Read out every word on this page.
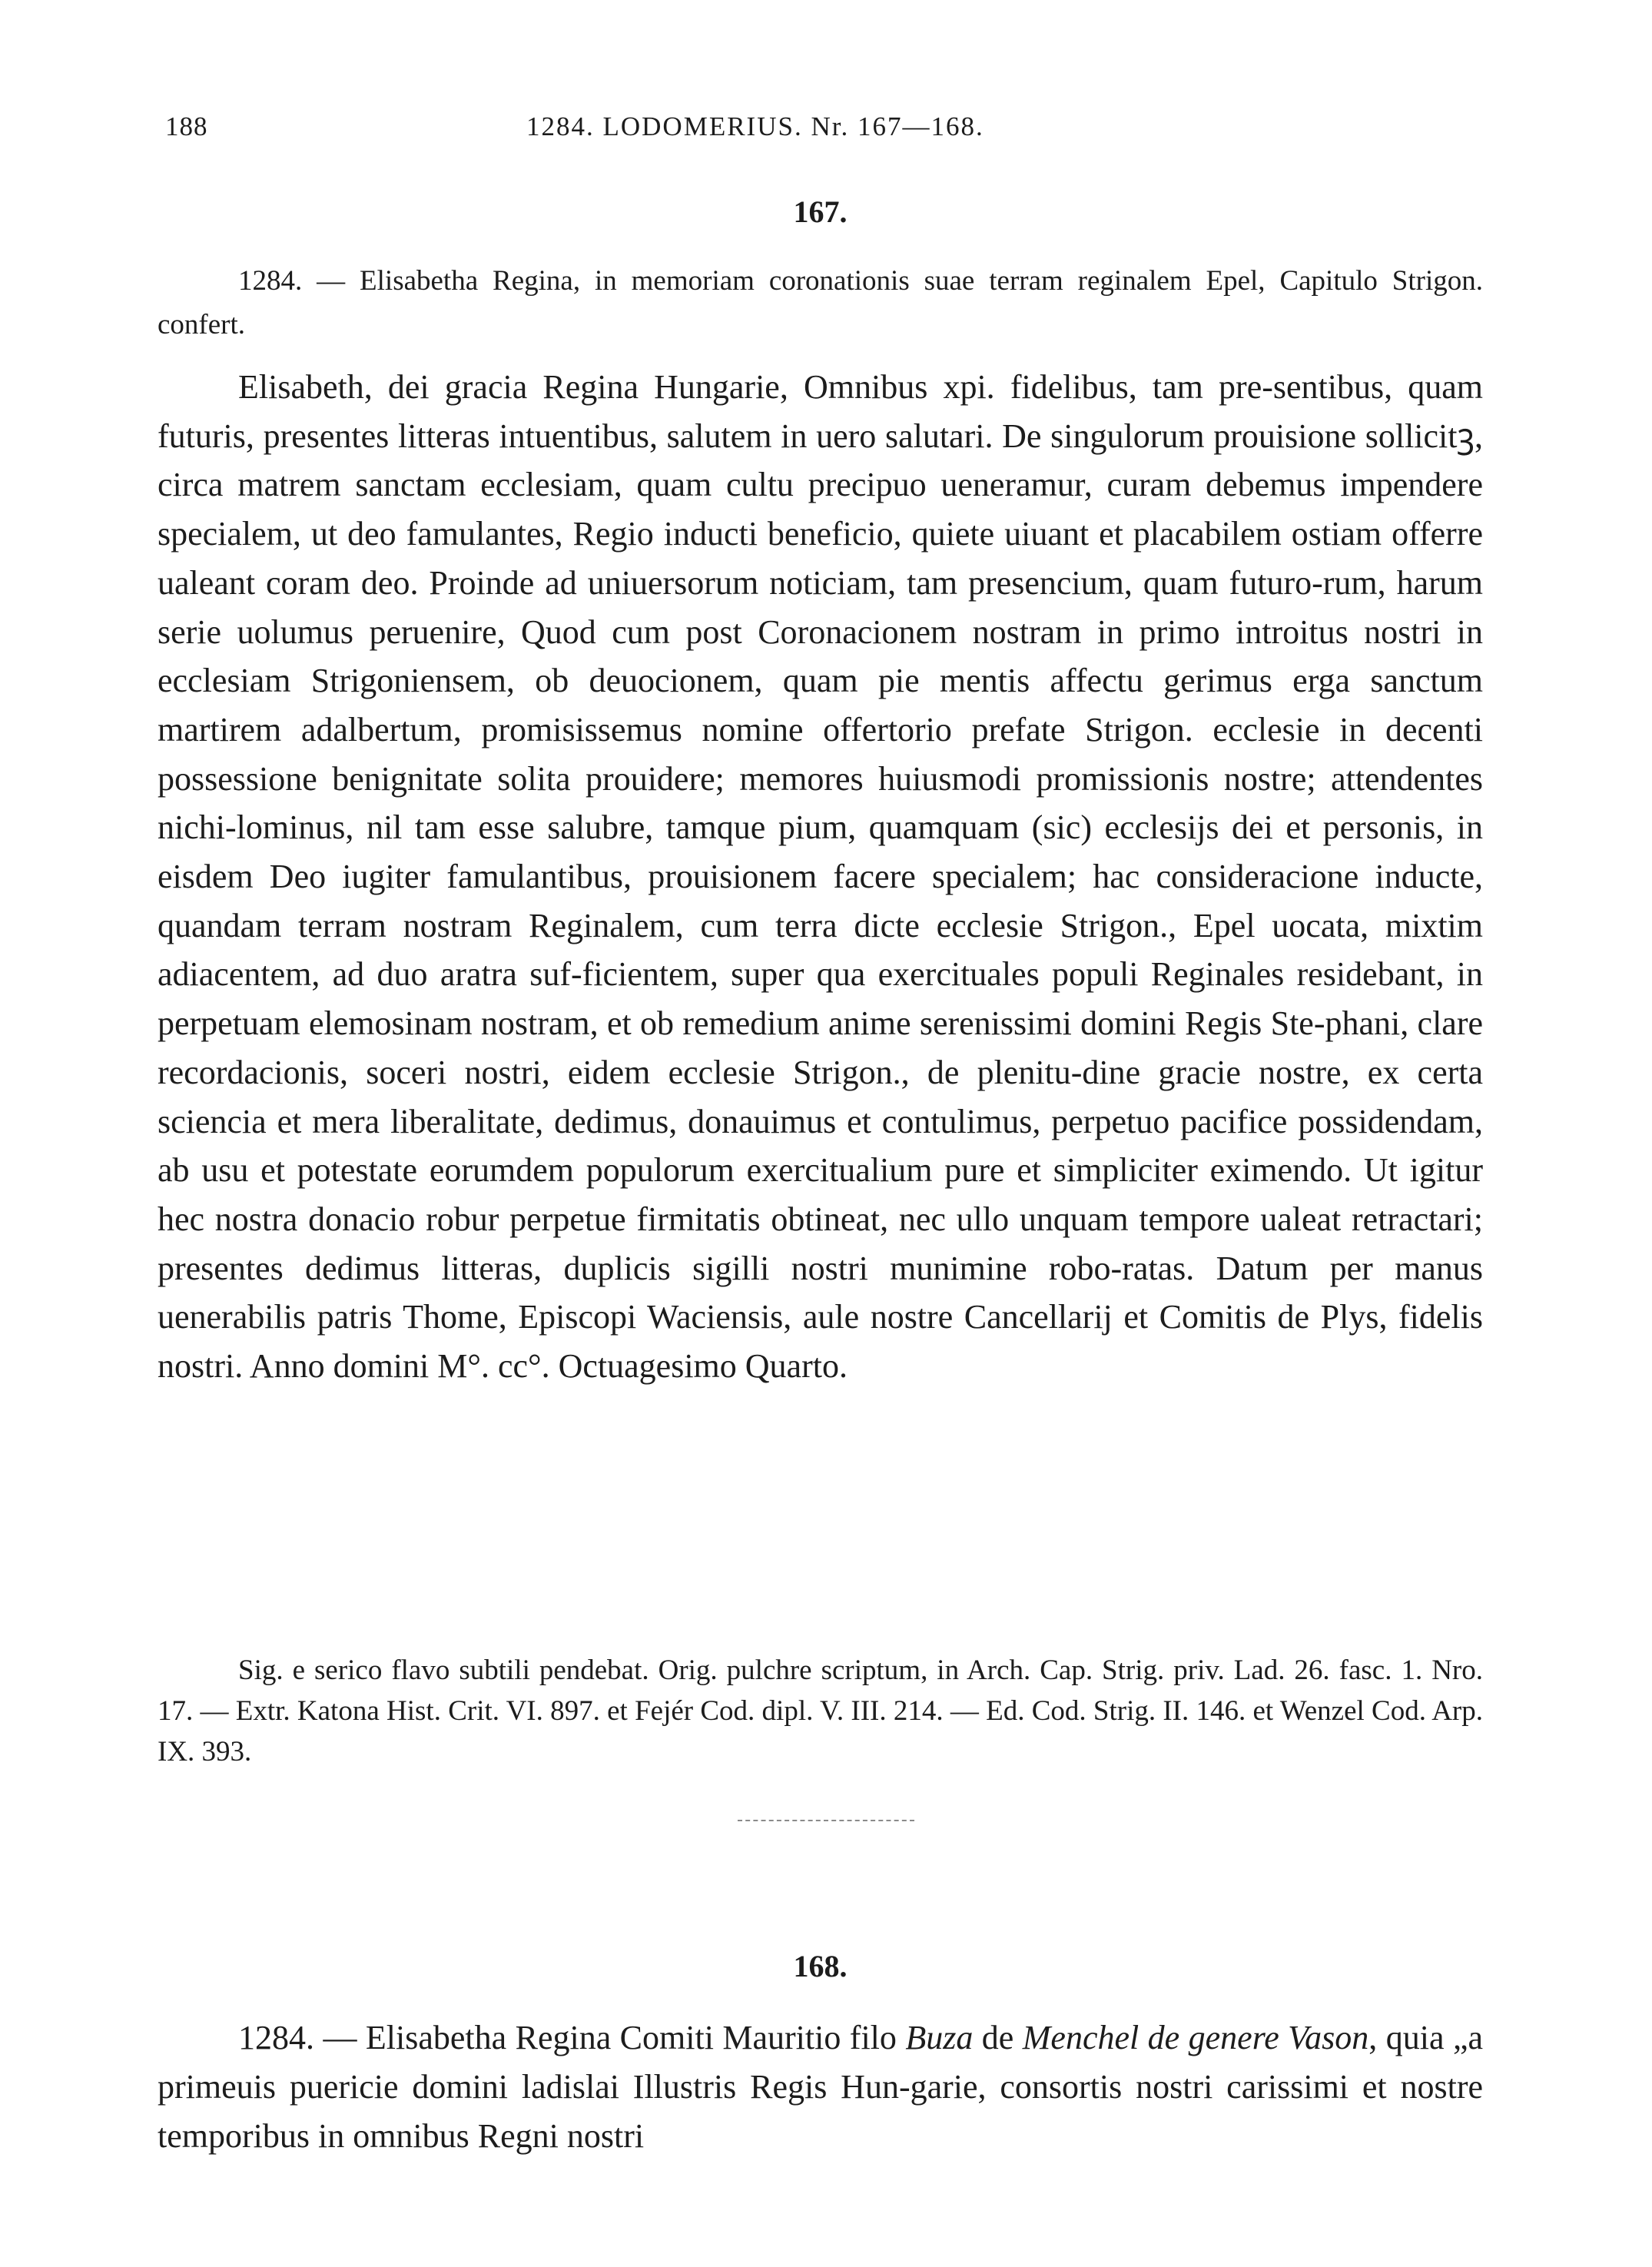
188	1284. LODOMERIUS. Nr. 167—168.
167.
1284. — Elisabetha Regina, in memoriam coronationis suae terram reginalem Epel, Capitulo Strigon. confert.
Elisabeth, dei gracia Regina Hungarie, Omnibus xpi. fidelibus, tam pre-sentibus, quam futuris, presentes litteras intuentibus, salutem in uero salutari. De singulorum prouisione sollicitꝫ, circa matrem sanctam ecclesiam, quam cultu precipuo ueneramur, curam debemus impendere specialem, ut deo famulantes, Regio inducti beneficio, quiete uiuant et placabilem ostiam offerre ualeant coram deo. Proinde ad uniuersorum noticiam, tam presencium, quam futuro-rum, harum serie uolumus peruenire, Quod cum post Coronacionem nostram in primo introitus nostri in ecclesiam Strigoniensem, ob deuocionem, quam pie mentis affectu gerimus erga sanctum martirem adalbertum, promisissemus nomine offertorio prefate Strigon. ecclesie in decenti possessione benignitate solita prouidere; memores huiusmodi promissionis nostre; attendentes nichi-lominus, nil tam esse salubre, tamque pium, quamquam (sic) ecclesijs dei et personis, in eisdem Deo iugiter famulantibus, prouisionem facere specialem; hac consideracione inducte, quandam terram nostram Reginalem, cum terra dicte ecclesie Strigon., Epel uocata, mixtim adiacentem, ad duo aratra suf-ficientem, super qua exercituales populi Reginales residebant, in perpetuam elemosinam nostram, et ob remedium anime serenissimi domini Regis Ste-phani, clare recordacionis, soceri nostri, eidem ecclesie Strigon., de plenitu-dine gracie nostre, ex certa sciencia et mera liberalitate, dedimus, donauimus et contulimus, perpetuo pacifice possidendam, ab usu et potestate eorumdem populorum exercitualium pure et simpliciter eximendo. Ut igitur hec nostra donacio robur perpetue firmitatis obtineat, nec ullo unquam tempore ualeat retractari; presentes dedimus litteras, duplicis sigilli nostri munimine robo-ratas. Datum per manus uenerabilis patris Thome, Episcopi Waciensis, aule nostre Cancellarij et Comitis de Plys, fidelis nostri. Anno domini M°. cc°. Octuagesimo Quarto.
Sig. e serico flavo subtili pendebat. Orig. pulchre scriptum, in Arch. Cap. Strig. priv. Lad. 26. fasc. 1. Nro. 17. — Extr. Katona Hist. Crit. VI. 897. et Fejér Cod. dipl. V. III. 214. — Ed. Cod. Strig. II. 146. et Wenzel Cod. Arp. IX. 393.
168.
1284. — Elisabetha Regina Comiti Mauritio filo Buza de Menchel de genere Vason, quia „a primeuis puericie domini ladislai Illustris Regis Hun-garie, consortis nostri carissimi et nostre temporibus in omnibus Regni nostri
